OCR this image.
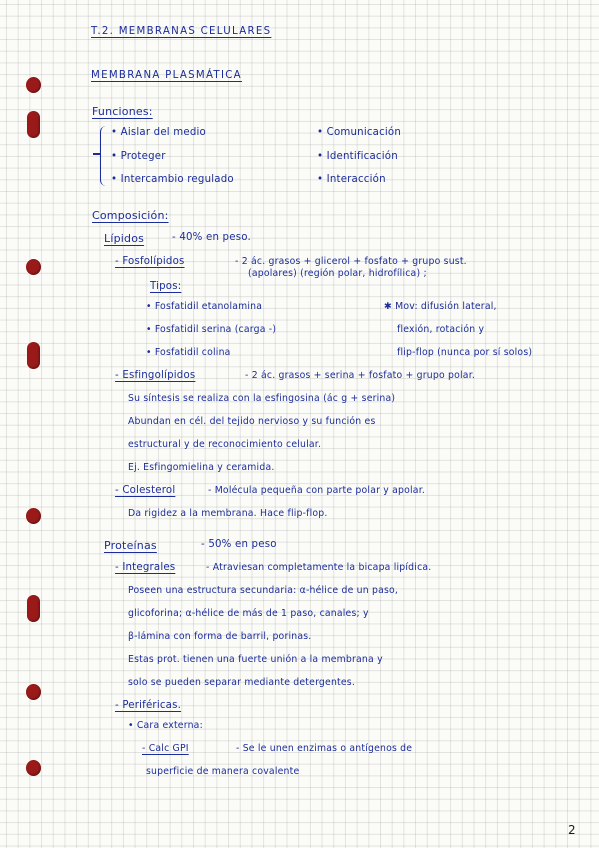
T.2. MEMBRANAS CELULARES
MEMBRANA PLASMÁTICA
Funciones:
• Aislar del medio
• Proteger
• Intercambio regulado
• Comunicación
• Identificación
• Interacción
Composición:
Lípidos	- 40% en peso.
- Fosfolípidos	- 2 ác. grasos + glicerol + fosfato + grupo sust.
(apolares) (región polar, hidrofílica) ;
Tipos:
• Fosfatidil etanolamina
• Fosfatidil serina (carga -)
• Fosfatidil colina
✱ Mov: difusión lateral,
flexión, rotación y
flip-flop (nunca por sí solos)
- Esfingolípidos	- 2 ác. grasos + serina + fosfato + grupo polar.
Su síntesis se realiza con la esfingosina (ác g + serina)
Abundan en cél. del tejido nervioso y su función es
estructural y de reconocimiento celular.
Ej. Esfingomielina y ceramida.
- Colesterol	- Molécula pequeña con parte polar y apolar.
Da rigidez a la membrana. Hace flip-flop.
Proteínas	- 50% en peso
- Integrales	- Atraviesan completamente la bicapa lipídica.
Poseen una estructura secundaria: α-hélice de un paso,
glicoforina; α-hélice de más de 1 paso, canales; y
β-lámina con forma de barril, porinas.
Estas prot. tienen una fuerte unión a la membrana y
solo se pueden separar mediante detergentes.
- Periféricas.
• Cara externa:
- Calc GPI	- Se le unen enzimas o antígenos de
superficie de manera covalente
2
